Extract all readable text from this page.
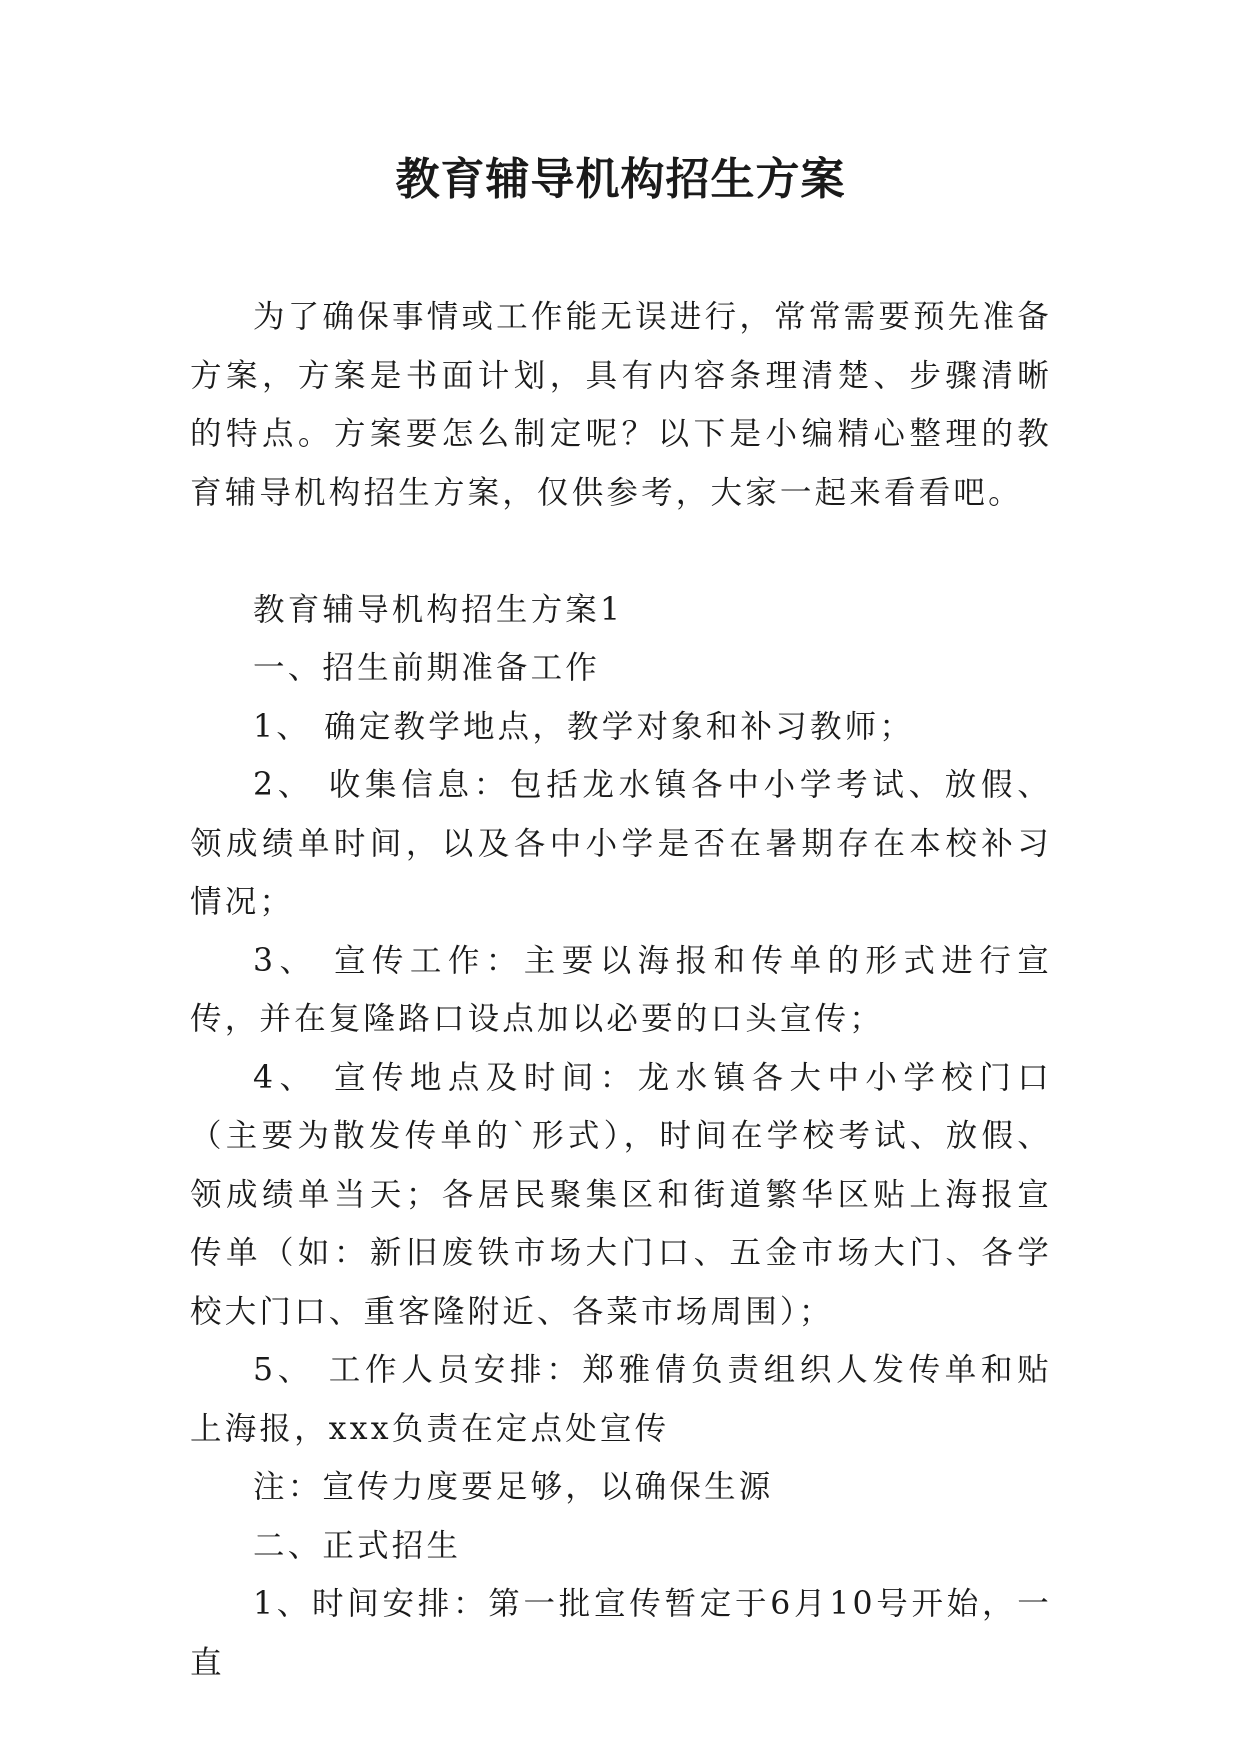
教育辅导机构招生方案

为了确保事情或工作能无误进行，常常需要预先准备方案，方案是书面计划，具有内容条理清楚、步骤清晰的特点。方案要怎么制定呢？以下是小编精心整理的教育辅导机构招生方案，仅供参考，大家一起来看看吧。

教育辅导机构招生方案1

一、招生前期准备工作

1、 确定教学地点，教学对象和补习教师；

2、 收集信息：包括龙水镇各中小学考试、放假、领成绩单时间，以及各中小学是否在暑期存在本校补习情况；

3、 宣传工作：主要以海报和传单的形式进行宣传，并在复隆路口设点加以必要的口头宣传；

4、 宣传地点及时间：龙水镇各大中小学校门口（主要为散发传单的`形式），时间在学校考试、放假、领成绩单当天；各居民聚集区和街道繁华区贴上海报宣传单（如：新旧废铁市场大门口、五金市场大门、各学校大门口、重客隆附近、各菜市场周围）；

5、 工作人员安排：郑雅倩负责组织人发传单和贴上海报，xxx负责在定点处宣传

注：宣传力度要足够，以确保生源

二、正式招生

1、时间安排：第一批宣传暂定于6月10号开始，一直
